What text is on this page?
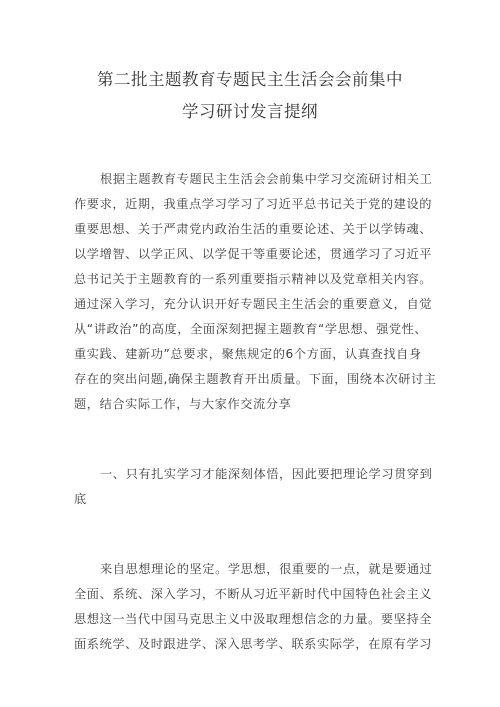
第二批主题教育专题民主生活会会前集中
学习研讨发言提纲
根据主题教育专题民主生活会会前集中学习交流研讨相关工
作要求，近期，我重点学习学习了习近平总书记关于党的建设的
重要思想、关于严肃党内政治生活的重要论述、关于以学铸魂、
以学增智、以学正风、以学促干等重要论述，贯通学习了习近平
总书记关于主题教育的一系列重要指示精神以及党章相关内容。
通过深入学习，充分认识开好专题民主生活会的重要意义，自觉
从“讲政治”的高度，全面深刻把握主题教育“学思想、强党性、
重实践、建新功”总要求，聚焦规定的6个方面，认真查找自身
存在的突出问题,确保主题教育开出质量。下面，围绕本次研讨主
题，结合实际工作，与大家作交流分享
一、只有扎实学习才能深刻体悟，因此要把理论学习贯穿到
底
来自思想理论的坚定。学思想，很重要的一点，就是要通过
全面、系统、深入学习，不断从习近平新时代中国特色社会主义
思想这一当代中国马克思主义中汲取理想信念的力量。要坚持全
面系统学、及时跟进学、深入思考学、联系实际学，在原有学习
